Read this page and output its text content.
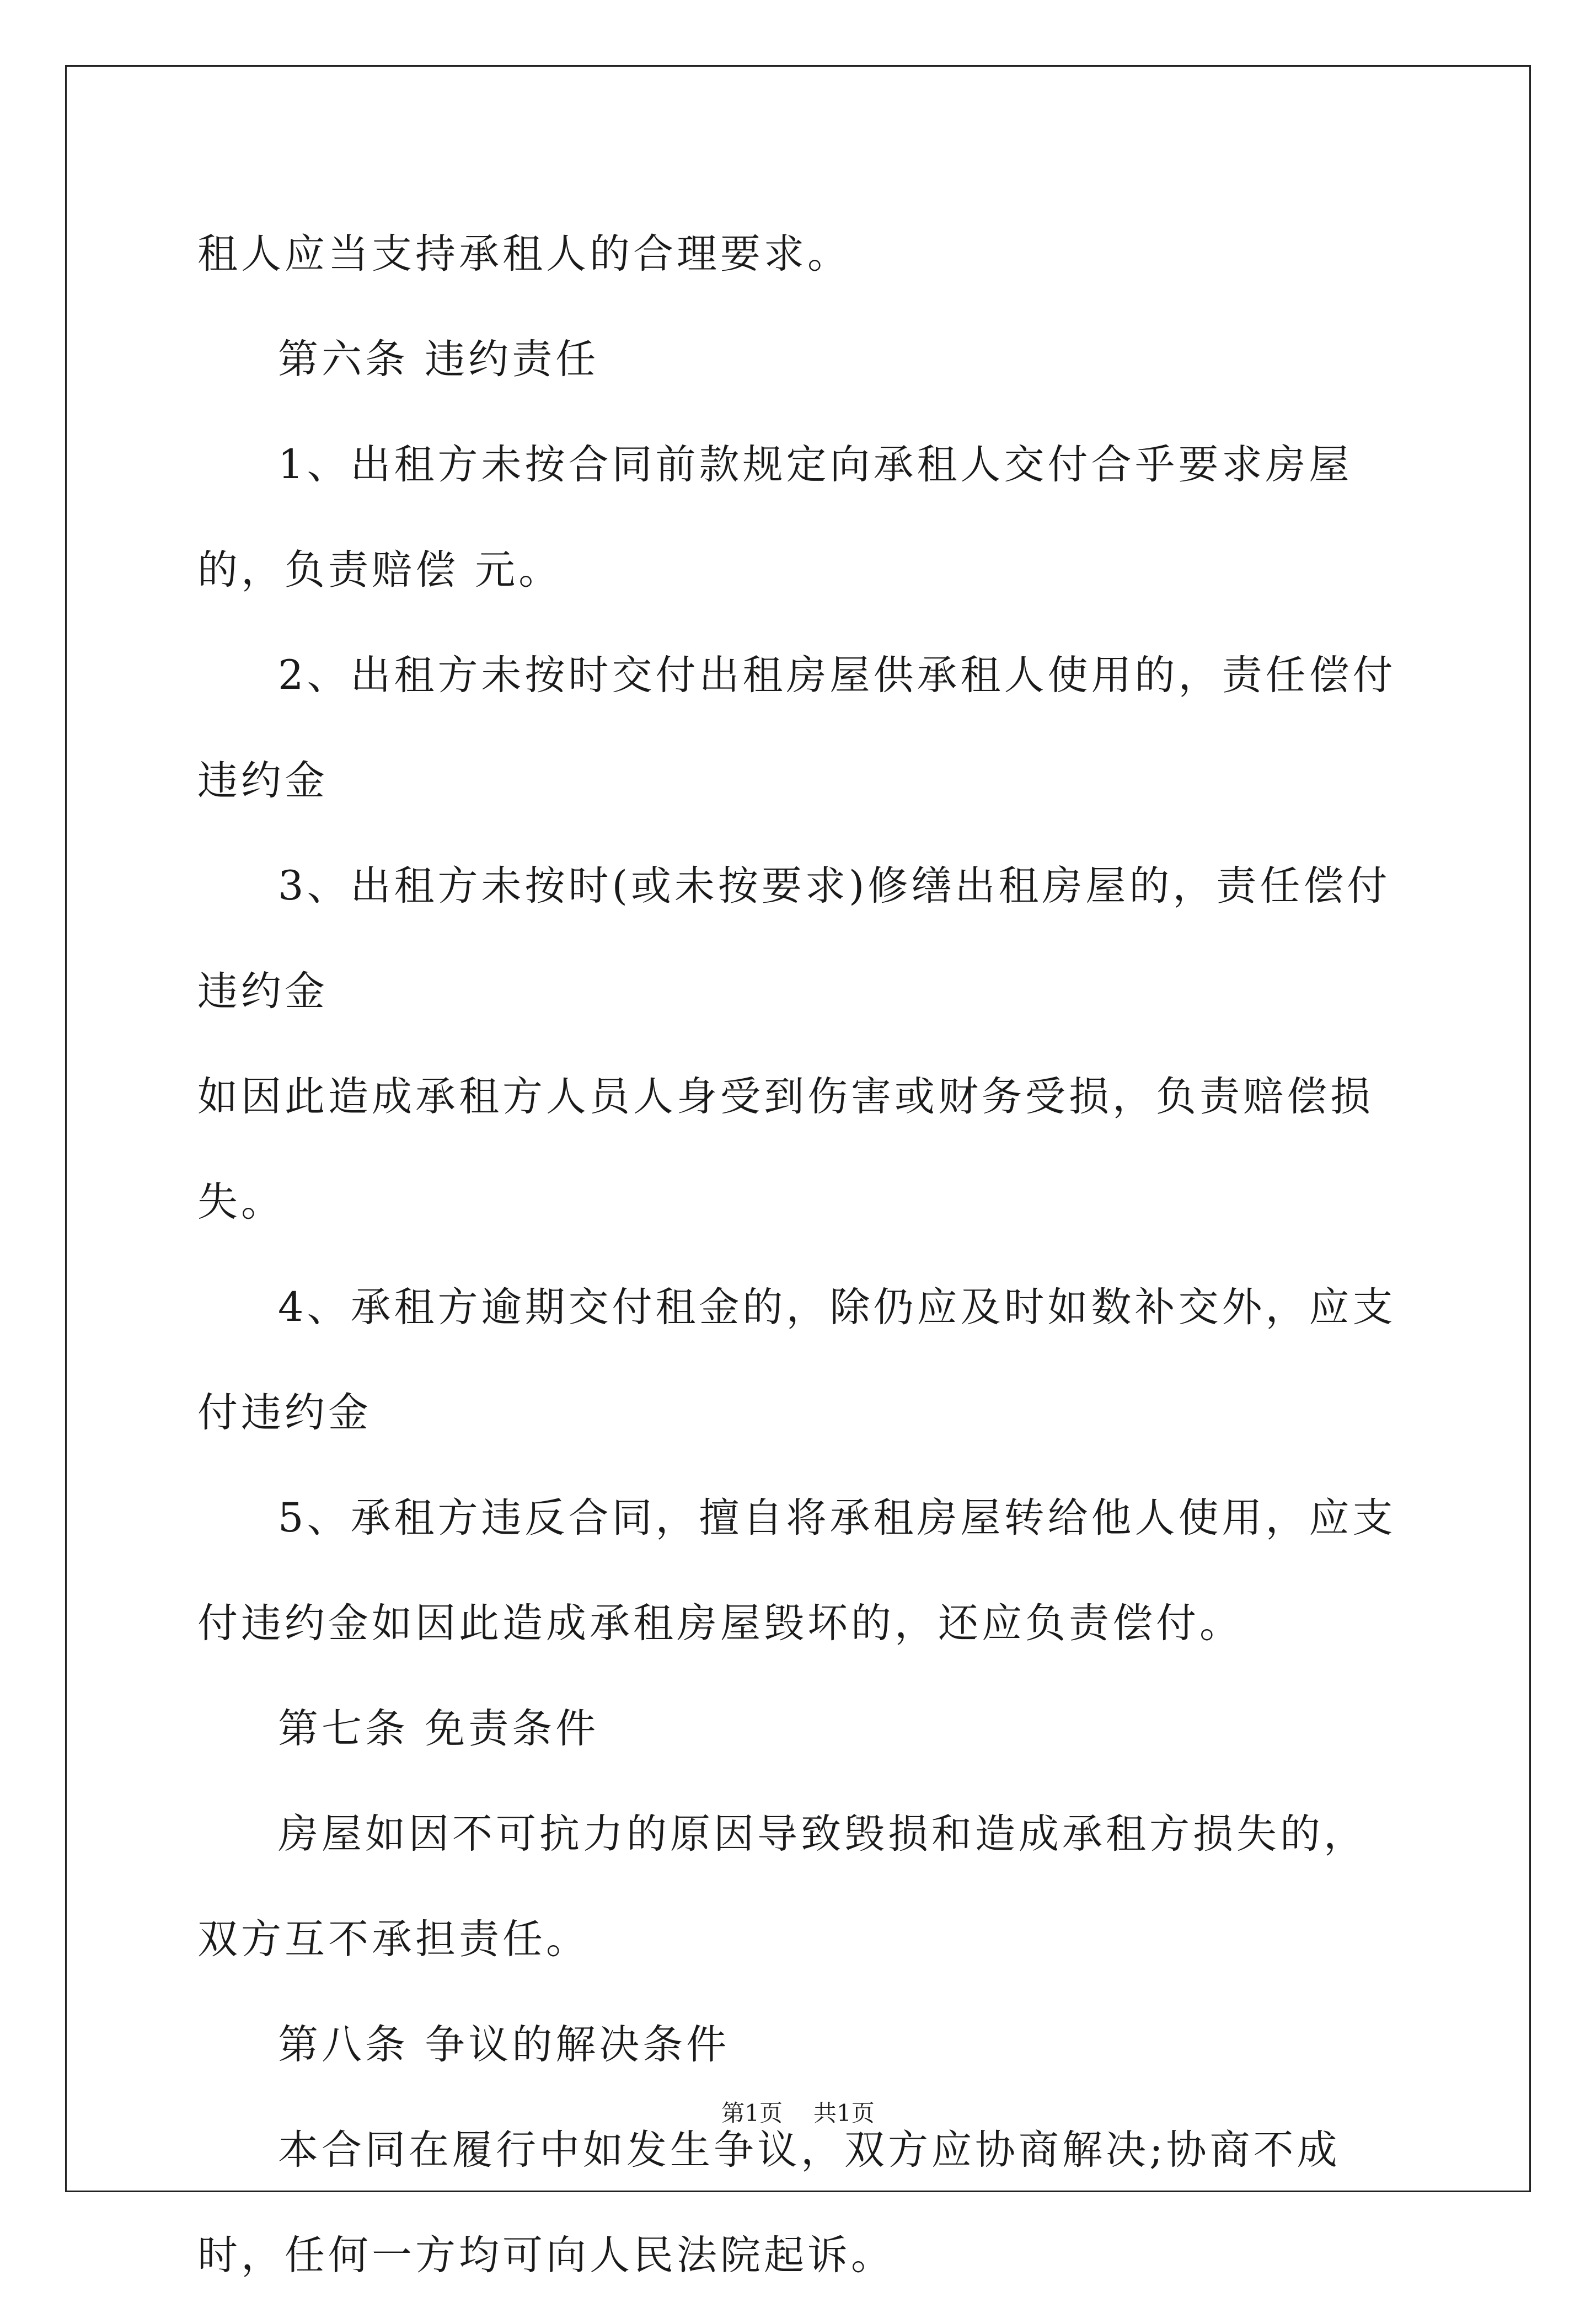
租人应当支持承租人的合理要求。

第六条 违约责任

1、出租方未按合同前款规定向承租人交付合乎要求房屋的，负责赔偿 元。

2、出租方未按时交付出租房屋供承租人使用的，责任偿付违约金

3、出租方未按时(或未按要求)修缮出租房屋的，责任偿付违约金

如因此造成承租方人员人身受到伤害或财务受损，负责赔偿损失。

4、承租方逾期交付租金的，除仍应及时如数补交外，应支付违约金

5、承租方违反合同，擅自将承租房屋转给他人使用，应支付违约金如因此造成承租房屋毁坏的，还应负责偿付。

第七条 免责条件

房屋如因不可抗力的原因导致毁损和造成承租方损失的，双方互不承担责任。

第八条 争议的解决条件

本合同在履行中如发生争议，双方应协商解决;协商不成时，任何一方均可向人民法院起诉。

第1页 共1页
